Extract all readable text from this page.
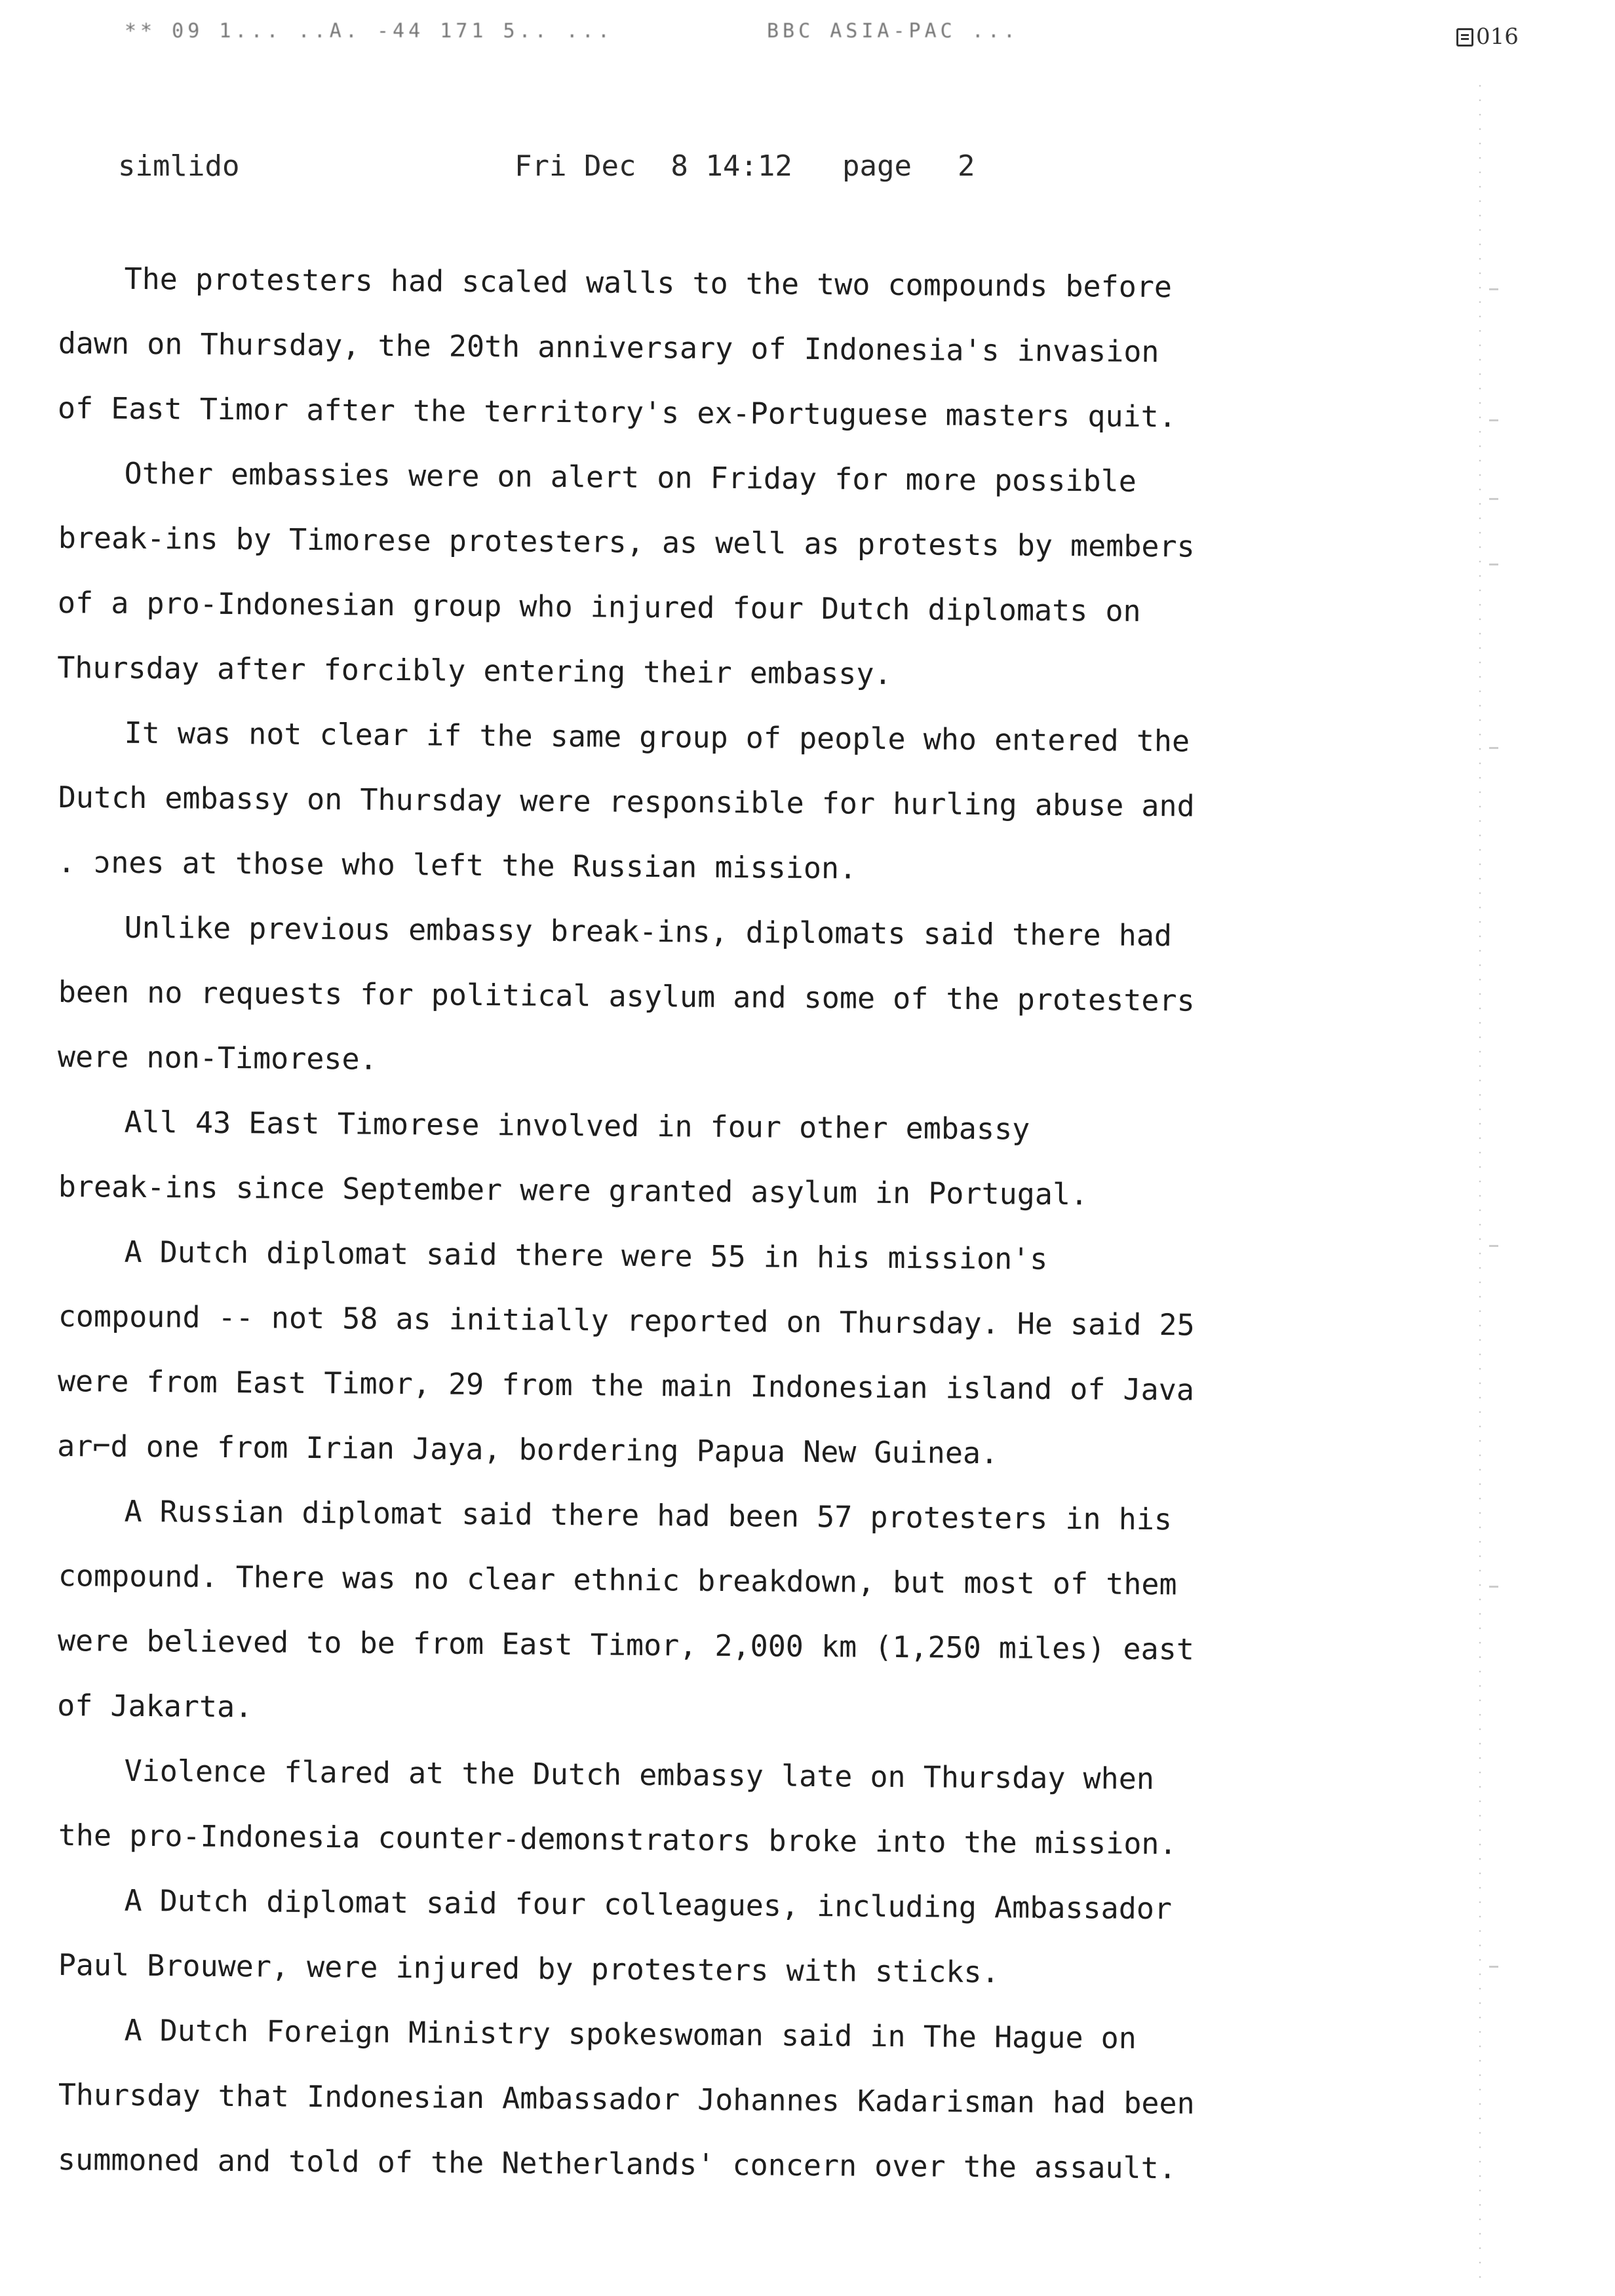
** 09 1... ..A. -44 171 5.. ...	BBC ASIA-PAC ...	016
simlido	Fri Dec  8 14:12 page 2

The protesters had scaled walls to the two compounds before
dawn on Thursday, the 20th anniversary of Indonesia's invasion
of East Timor after the territory's ex-Portuguese masters quit.

Other embassies were on alert on Friday for more possible
break-ins by Timorese protesters, as well as protests by members
of a pro-Indonesian group who injured four Dutch diplomats on
Thursday after forcibly entering their embassy.

It was not clear if the same group of people who entered the
Dutch embassy on Thursday were responsible for hurling abuse and
. ɔnes at those who left the Russian mission.

Unlike previous embassy break-ins, diplomats said there had
been no requests for political asylum and some of the protesters
were non-Timorese.

All 43 East Timorese involved in four other embassy
break-ins since September were granted asylum in Portugal.

A Dutch diplomat said there were 55 in his mission's
compound -- not 58 as initially reported on Thursday. He said 25
were from East Timor, 29 from the main Indonesian island of Java
ar⌐d one from Irian Jaya, bordering Papua New Guinea.

A Russian diplomat said there had been 57 protesters in his
compound. There was no clear ethnic breakdown, but most of them
were believed to be from East Timor, 2,000 km (1,250 miles) east
of Jakarta.

Violence flared at the Dutch embassy late on Thursday when
the pro-Indonesia counter-demonstrators broke into the mission.

A Dutch diplomat said four colleagues, including Ambassador
Paul Brouwer, were injured by protesters with sticks.

A Dutch Foreign Ministry spokeswoman said in The Hague on
Thursday that Indonesian Ambassador Johannes Kadarisman had been
summoned and told of the Netherlands' concern over the assault.
